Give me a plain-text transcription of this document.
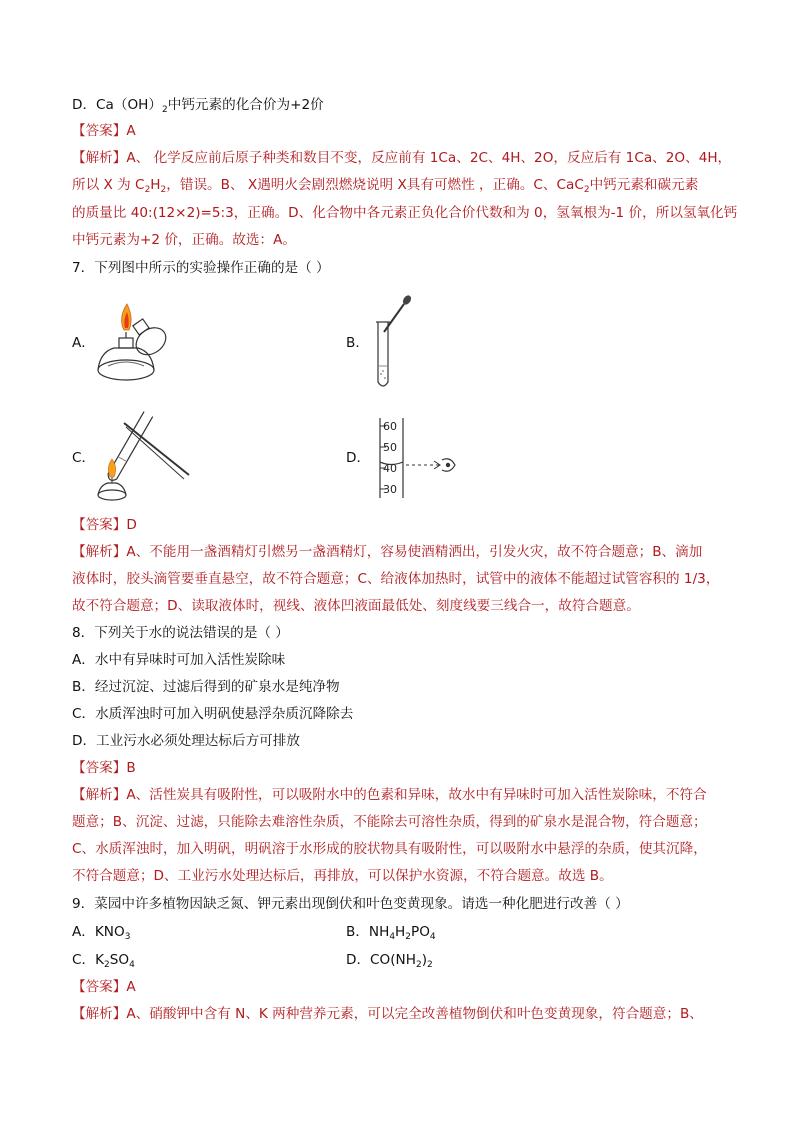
D．$Ca(OH)_2$中钙元素的化合价为+2价
【答案】A
【解析】A、 化学反应前后原子种类和数目不变，反应前有 1Ca、2C、4H、2O，反应后有 1Ca、2O、4H，
所以 X 为 $C_2H_2$，错误。B、 X遇明火会剧烈燃烧说明 X具有可燃性 ，正确。C、CaC$_2$中钙元素和碳元素
的质量比 40:(12×2)=5:3，正确。D、化合物中各元素正负化合价代数和为 0，氢氧根为-1 价，所以氢氧化钙
中钙元素为+2 价，正确。故选：A。
7．下列图中所示的实验操作正确的是（ ）
A．	B．
C．	D．
60
50
40
30
【答案】D
【解析】A、不能用一盏酒精灯引燃另一盏酒精灯，容易使酒精洒出，引发火灾，故不符合题意；B、滴加
液体时，胶头滴管要垂直悬空，故不符合题意；C、给液体加热时，试管中的液体不能超过试管容积的 1/3，
故不符合题意；D、读取液体时，视线、液体凹液面最低处、刻度线要三线合一，故符合题意。
8．下列关于水的说法错误的是（ ）
A．水中有异味时可加入活性炭除味
B．经过沉淀、过滤后得到的矿泉水是纯净物
C．水质浑浊时可加入明矾使悬浮杂质沉降除去
D．工业污水必须处理达标后方可排放
【答案】B
【解析】A、活性炭具有吸附性，可以吸附水中的色素和异味，故水中有异味时可加入活性炭除味，不符合
题意；B、沉淀、过滤，只能除去难溶性杂质，不能除去可溶性杂质，得到的矿泉水是混合物，符合题意；
C、水质浑浊时，加入明矾，明矾溶于水形成的胶状物具有吸附性，可以吸附水中悬浮的杂质，使其沉降，
不符合题意；D、工业污水处理达标后，再排放，可以保护水资源，不符合题意。故选 B。
9．菜园中许多植物因缺乏氮、钾元素出现倒伏和叶色变黄现象。请选一种化肥进行改善（ ）
A．$KNO_3$	B．$NH_4H_2PO_4$
C．$K_2SO_4$	D．$CO(NH_2)_2$
【答案】A
【解析】A、硝酸钾中含有 N、K 两种营养元素，可以完全改善植物倒伏和叶色变黄现象，符合题意；B、
